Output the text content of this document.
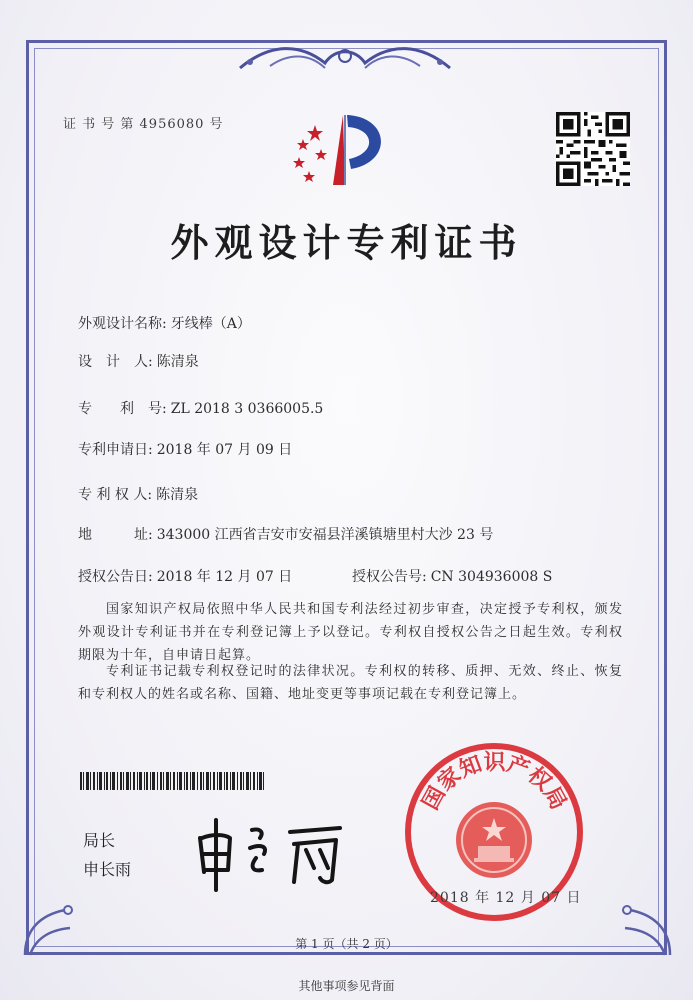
证 书 号 第 4956080 号
外观设计专利证书
外观设计名称: 牙线棒（A）
设　计　人: 陈清泉
专　　利　号: ZL 2018 3 0366005.5
专利申请日: 2018 年 07 月 09 日
专 利 权 人: 陈清泉
地　　　址: 343000 江西省吉安市安福县洋溪镇塘里村大沙 23 号
授权公告日: 2018 年 12 月 07 日	授权公告号: CN 304936008 S
国家知识产权局依照中华人民共和国专利法经过初步审查，决定授予专利权，颁发外观设计专利证书并在专利登记簿上予以登记。专利权自授权公告之日起生效。专利权期限为十年，自申请日起算。
专利证书记载专利权登记时的法律状况。专利权的转移、质押、无效、终止、恢复和专利权人的姓名或名称、国籍、地址变更等事项记载在专利登记簿上。
局长
申长雨
国家知识产权局
2018 年 12 月 07 日
第 1 页（共 2 页）
其他事项参见背面
